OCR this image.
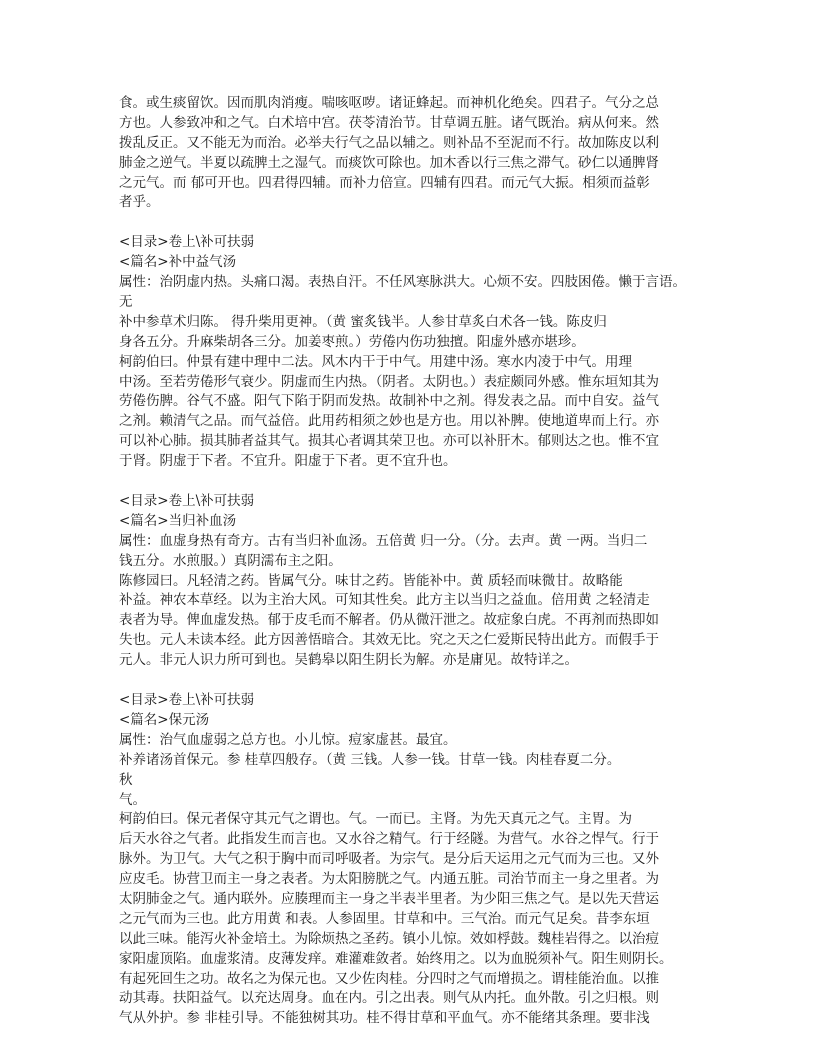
食。或生痰留饮。因而肌肉消瘦。喘咳呕哕。诸证蜂起。而神机化绝矣。四君子。气分之总
方也。人参致冲和之气。白术培中宫。茯苓清治节。甘草调五脏。诸气既治。病从何来。然
拨乱反正。又不能无为而治。必举夫行气之品以辅之。则补品不至泥而不行。故加陈皮以利
肺金之逆气。半夏以疏脾土之湿气。而痰饮可除也。加木香以行三焦之滞气。砂仁以通脾肾
之元气。而 郁可开也。四君得四辅。而补力倍宣。四辅有四君。而元气大振。相须而益彰
者乎。
<目录>卷上\补可扶弱
<篇名>补中益气汤
属性：治阴虚内热。头痛口渴。表热自汗。不任风寒脉洪大。心烦不安。四肢困倦。懒于言语。
无
补中参草术归陈。 得升柴用更神。（黄 蜜炙钱半。人参甘草炙白术各一钱。陈皮归
身各五分。升麻柴胡各三分。加姜枣煎。）劳倦内伤功独擅。阳虚外感亦堪珍。
柯韵伯曰。仲景有建中理中二法。风木内干于中气。用建中汤。寒水内凌于中气。用理
中汤。至若劳倦形气衰少。阴虚而生内热。（阴者。太阴也。）表症颇同外感。惟东垣知其为
劳倦伤脾。谷气不盛。阳气下陷于阴而发热。故制补中之剂。得发表之品。而中自安。益气
之剂。赖清气之品。而气益倍。此用药相须之妙也是方也。用以补脾。使地道卑而上行。亦
可以补心肺。损其肺者益其气。损其心者调其荣卫也。亦可以补肝木。郁则达之也。惟不宜
于肾。阴虚于下者。不宜升。阳虚于下者。更不宜升也。
<目录>卷上\补可扶弱
<篇名>当归补血汤
属性：血虚身热有奇方。古有当归补血汤。五倍黄 归一分。（分。去声。黄 一两。当归二
钱五分。水煎服。）真阴濡布主之阳。
陈修园曰。凡轻清之药。皆属气分。味甘之药。皆能补中。黄 质轻而味微甘。故略能
补益。神农本草经。以为主治大风。可知其性矣。此方主以当归之益血。倍用黄 之轻清走
表者为导。俾血虚发热。郁于皮毛而不解者。仍从微汗泄之。故症象白虎。不再剂而热即如
失也。元人未读本经。此方因善悟暗合。其效无比。究之天之仁爱斯民特出此方。而假手于
元人。非元人识力所可到也。吴鹤皋以阳生阴长为解。亦是庸见。故特详之。
<目录>卷上\补可扶弱
<篇名>保元汤
属性：治气血虚弱之总方也。小儿惊。痘家虚甚。最宜。
补养诸汤首保元。参 桂草四般存。（黄 三钱。人参一钱。甘草一钱。肉桂春夏二分。
秋
气。
柯韵伯曰。保元者保守其元气之谓也。气。一而已。主肾。为先天真元之气。主胃。为
后天水谷之气者。此指发生而言也。又水谷之精气。行于经隧。为营气。水谷之悍气。行于
脉外。为卫气。大气之积于胸中而司呼吸者。为宗气。是分后天运用之元气而为三也。又外
应皮毛。协营卫而主一身之表者。为太阳膀胱之气。内通五脏。司治节而主一身之里者。为
太阴肺金之气。通内联外。应腠理而主一身之半表半里者。为少阳三焦之气。是以先天营运
之元气而为三也。此方用黄 和表。人参固里。甘草和中。三气治。而元气足矣。昔李东垣
以此三味。能泻火补金培土。为除烦热之圣药。镇小儿惊。效如桴鼓。魏桂岩得之。以治痘
家阳虚顶陷。血虚浆清。皮薄发痒。难灌难敛者。始终用之。以为血脱须补气。阳生则阴长。
有起死回生之功。故名之为保元也。又少佐肉桂。分四时之气而增损之。谓桂能治血。以推
动其毒。扶阳益气。以充达周身。血在内。引之出表。则气从内托。血外散。引之归根。则
气从外护。参 非桂引导。不能独树其功。桂不得甘草和平血气。亦不能绪其条理。要非浅
